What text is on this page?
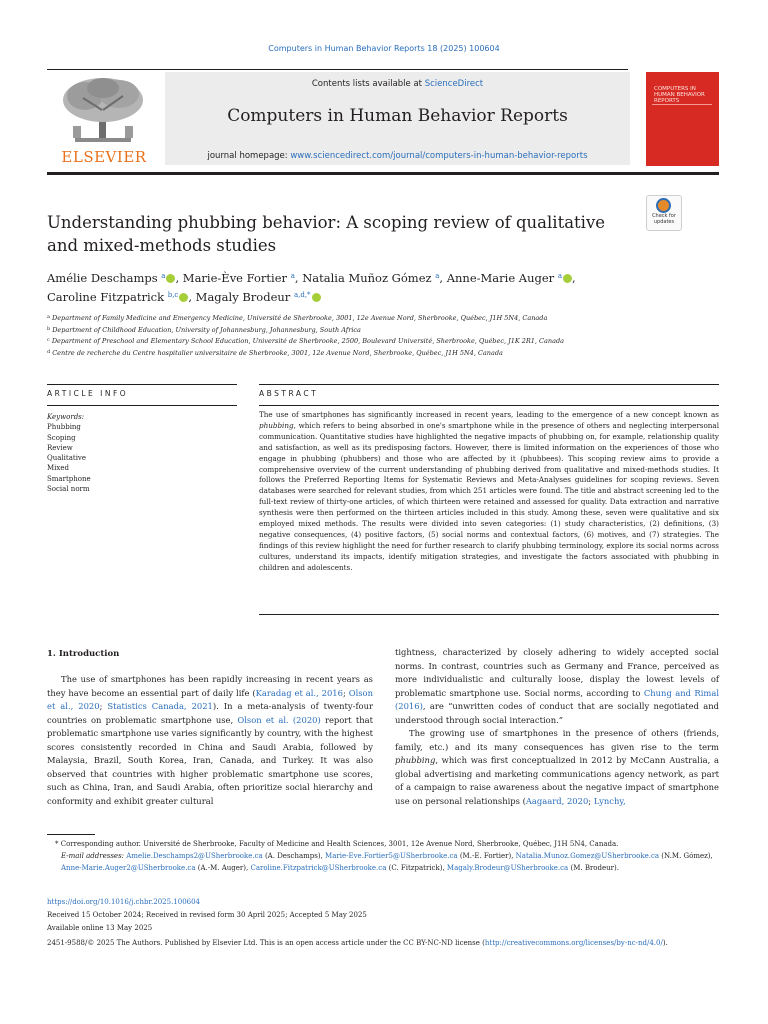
Computers in Human Behavior Reports 18 (2025) 100604
ELSEVIER
Contents lists available at ScienceDirect
Computers in Human Behavior Reports
journal homepage: www.sciencedirect.com/journal/computers-in-human-behavior-reports
COMPUTERS IN HUMAN BEHAVIOR REPORTS
Understanding phubbing behavior: A scoping review of qualitative and mixed-methods studies
Check for updates
Amélie Deschamps $^a$ , Marie-Ève Fortier $^a$, Natalia Muñoz Gómez $^a$, Anne-Marie Auger $^a$ ,
Caroline Fitzpatrick $^{b,c}$ , Magaly Brodeur $^{a,d,*}$
$^a$ Department of Family Medicine and Emergency Medicine, Université de Sherbrooke, 3001, 12e Avenue Nord, Sherbrooke, Québec, J1H 5N4, Canada
$^b$ Department of Childhood Education, University of Johannesburg, Johannesburg, South Africa
$^c$ Department of Preschool and Elementary School Education, Université de Sherbrooke, 2500, Boulevard Université, Sherbrooke, Québec, J1K 2R1, Canada
$^d$ Centre de recherche du Centre hospitalier universitaire de Sherbrooke, 3001, 12e Avenue Nord, Sherbrooke, Québec, J1H 5N4, Canada
ARTICLE INFO	ABSTRACT
Keywords:
Phubbing
Scoping
Review
Qualitative
Mixed
Smartphone
Social norm
The use of smartphones has significantly increased in recent years, leading to the emergence of a new concept known as phubbing, which refers to being absorbed in one's smartphone while in the presence of others and neglecting interpersonal communication. Quantitative studies have highlighted the negative impacts of phubbing on, for example, relationship quality and satisfaction, as well as its predisposing factors. However, there is limited information on the experiences of those who engage in phubbing (phubbers) and those who are affected by it (phubbees). This scoping review aims to provide a comprehensive overview of the current understanding of phubbing derived from qualitative and mixed-methods studies. It follows the Preferred Reporting Items for Systematic Reviews and Meta-Analyses guidelines for scoping reviews. Seven databases were searched for relevant studies, from which 251 articles were found. The title and abstract screening led to the full-text review of thirty-one articles, of which thirteen were retained and assessed for quality. Data extraction and narrative synthesis were then performed on the thirteen articles included in this study. Among these, seven were qualitative and six employed mixed methods. The results were divided into seven categories: (1) study characteristics, (2) definitions, (3) negative consequences, (4) positive factors, (5) social norms and contextual factors, (6) motives, and (7) strategies. The findings of this review highlight the need for further research to clarify phubbing terminology, explore its social norms across cultures, understand its impacts, identify mitigation strategies, and investigate the factors associated with phubbing in children and adolescents.
1. Introduction
The use of smartphones has been rapidly increasing in recent years as they have become an essential part of daily life (Karadag et al., 2016; Olson et al., 2020; Statistics Canada, 2021). In a meta-analysis of twenty-four countries on problematic smartphone use, Olson et al. (2020) report that problematic smartphone use varies significantly by country, with the highest scores consistently recorded in China and Saudi Arabia, followed by Malaysia, Brazil, South Korea, Iran, Canada, and Turkey. It was also observed that countries with higher problematic smartphone use scores, such as China, Iran, and Saudi Arabia, often prioritize social hierarchy and conformity and exhibit greater cultural
tightness, characterized by closely adhering to widely accepted social norms. In contrast, countries such as Germany and France, perceived as more individualistic and culturally loose, display the lowest levels of problematic smartphone use. Social norms, according to Chung and Rimal (2016), are “unwritten codes of conduct that are socially negotiated and understood through social interaction.”
The growing use of smartphones in the presence of others (friends, family, etc.) and its many consequences has given rise to the term phubbing, which was first conceptualized in 2012 by McCann Australia, a global advertising and marketing communications agency network, as part of a campaign to raise awareness about the negative impact of smartphone use on personal relationships (Aagaard, 2020; Lynchy,
* Corresponding author. Université de Sherbrooke, Faculty of Medicine and Health Sciences, 3001, 12e Avenue Nord, Sherbrooke, Québec, J1H 5N4, Canada.
E-mail addresses: Amelie.Deschamps2@USherbrooke.ca (A. Deschamps), Marie-Eve.Fortier5@USherbrooke.ca (M.-E. Fortier), Natalia.Munoz.Gomez@USherbrooke.ca (N.M. Gómez), Anne-Marie.Auger2@USherbrooke.ca (A.-M. Auger), Caroline.Fitzpatrick@USherbrooke.ca (C. Fitzpatrick), Magaly.Brodeur@USherbrooke.ca (M. Brodeur).
https://doi.org/10.1016/j.chbr.2025.100604
Received 15 October 2024; Received in revised form 30 April 2025; Accepted 5 May 2025
Available online 13 May 2025
2451-9588/© 2025 The Authors. Published by Elsevier Ltd. This is an open access article under the CC BY-NC-ND license (http://creativecommons.org/licenses/by-nc-nd/4.0/).
